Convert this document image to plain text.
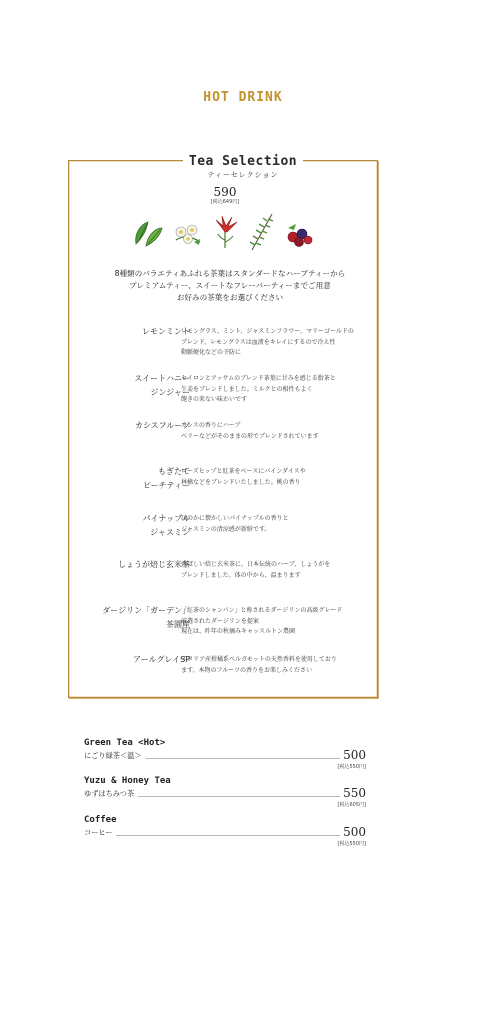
HOT DRINK
Tea Selection
ティーセレクション
590
[税込649円]
8種類のバラエティあふれる茶葉はスタンダードなハーブティーから
プレミアムティー、スイートなフレーバーティーまでご用意
お好みの茶葉をお選びください
レモンミント
レモングラス、ミント、ジャスミンフラワー、マリーゴールドの
ブレンド。レモングラスは血液をキレイにするので冷え性
動脈硬化などの予防に
スイートハニー
ジンジャー
セイロンとアッサムのブレンド茶葉に甘みを感じる脂茶と
生姜をブレンドしました。ミルクとの相性もよく
飽きの来ない味わいです
カシスフルーツ
カシスの香りにハーブ
ベリーなどがそのままの形でブレンドされています
もぎたて
ピーチティー
ローズヒップと紅茶をベースにパインダイスや
林檎などをブレンドいたしました。桃の香り
パイナップル
ジャスミン
ほのかに懐かしいパイナップルの香りと
ジャスミンの清涼感が新鮮です。
しょうが焙じ玄米茶
香ばしい焙じ玄米茶に、日本伝統のハーブ、しょうがを
ブレンドしました。体の中から、温まります
ダージリン「ガーデン」
茶園産
「紅茶のシャンパン」と称されるダージリンの高級グレード
厳選されたダージリンを提案
現在は、昨年の秋摘みキャッスルトン農園
アールグレイSP
イタリア産柑橘系ベルガモットの天然香料を使用しており
ます。本物のフルーツの香りをお楽しみください
Green Tea <Hot>
にごり緑茶＜温＞	500
[税込550円]
Yuzu & Honey Tea
ゆずはちみつ茶	550
[税込605円]
Coffee
コーヒー	500
[税込550円]
